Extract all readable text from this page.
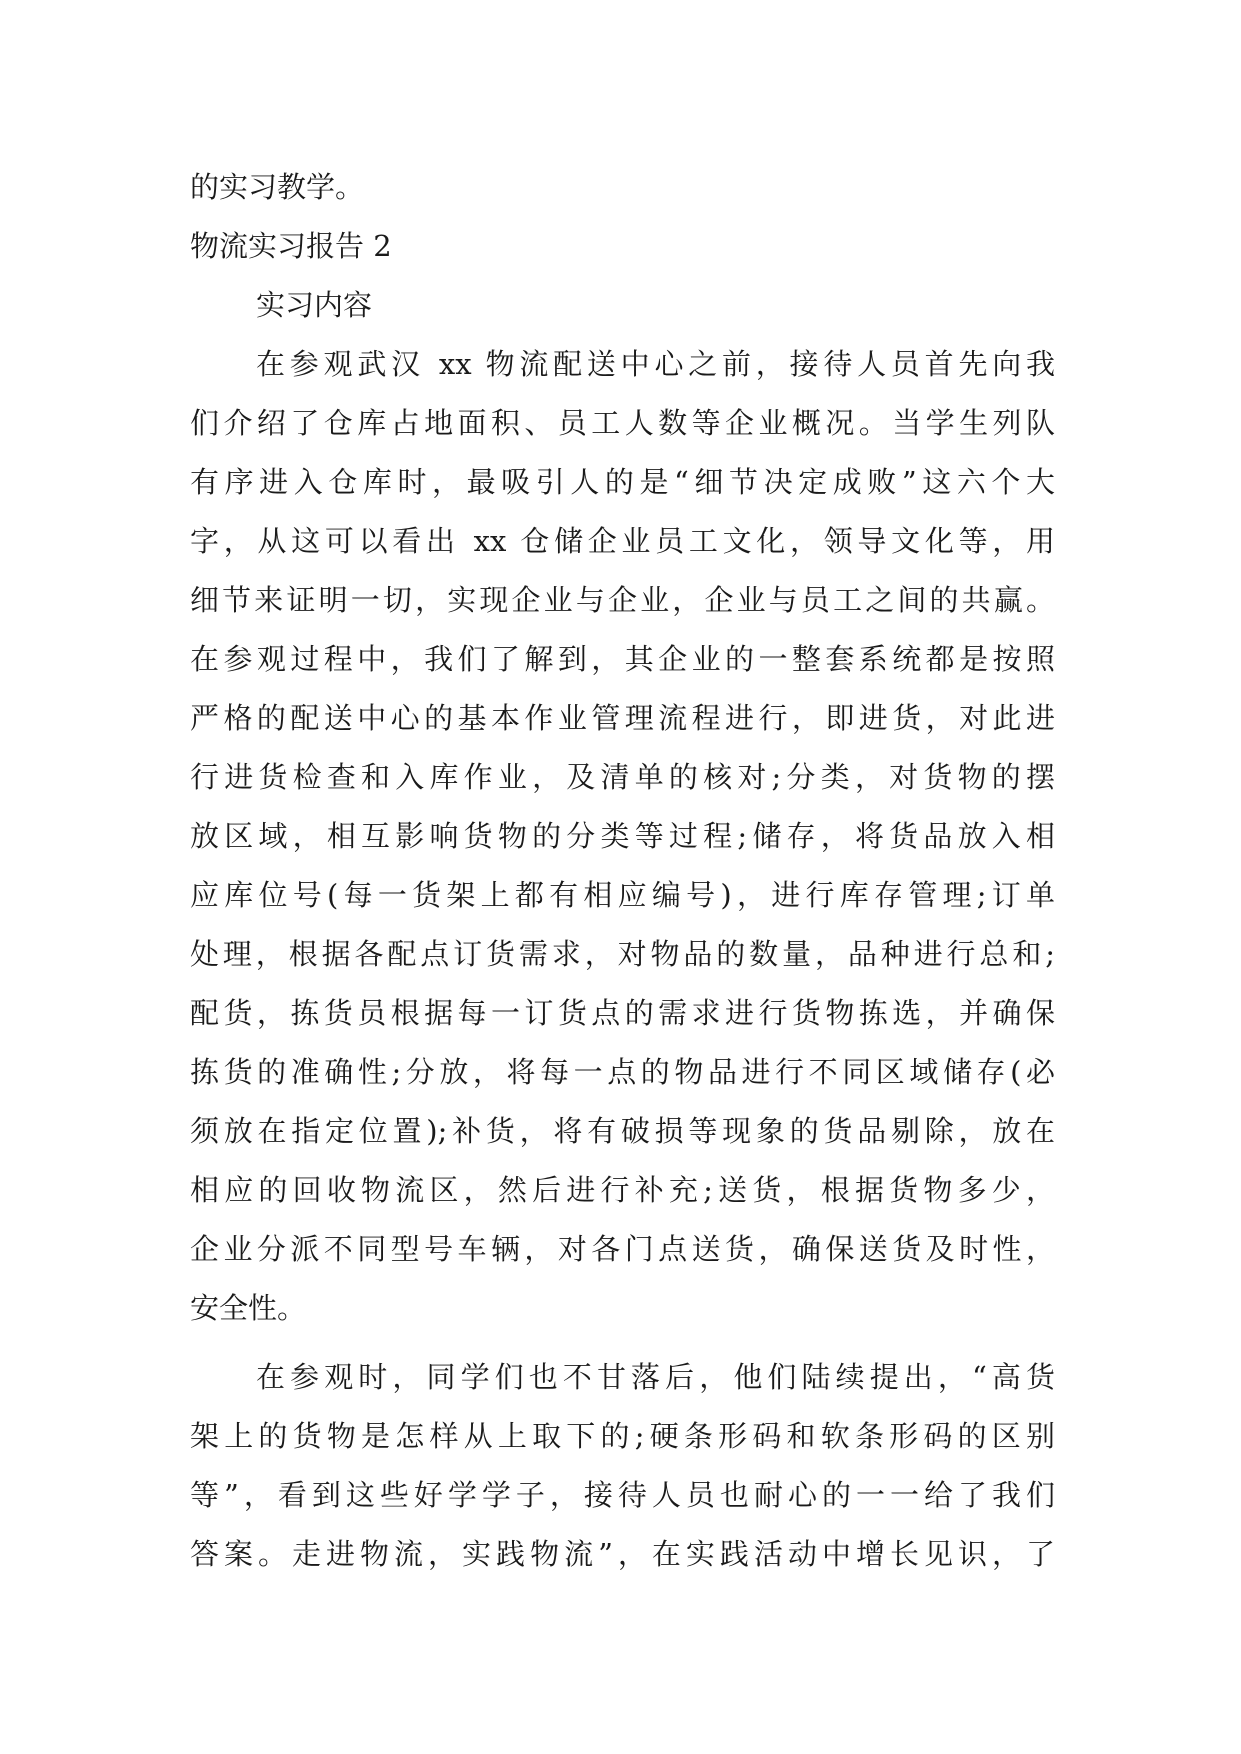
的实习教学。
物流实习报告 2
实习内容
在参观武汉 xx 物流配送中心之前，接待人员首先向我
们介绍了仓库占地面积、员工人数等企业概况。当学生列队
有序进入仓库时，最吸引人的是“细节决定成败”这六个大
字，从这可以看出 xx 仓储企业员工文化，领导文化等，用
细节来证明一切，实现企业与企业，企业与员工之间的共赢。
在参观过程中，我们了解到，其企业的一整套系统都是按照
严格的配送中心的基本作业管理流程进行，即进货，对此进
行进货检查和入库作业，及清单的核对;分类，对货物的摆
放区域，相互影响货物的分类等过程;储存，将货品放入相
应库位号(每一货架上都有相应编号)，进行库存管理;订单
处理，根据各配点订货需求，对物品的数量，品种进行总和;
配货，拣货员根据每一订货点的需求进行货物拣选，并确保
拣货的准确性;分放，将每一点的物品进行不同区域储存(必
须放在指定位置);补货，将有破损等现象的货品剔除，放在
相应的回收物流区，然后进行补充;送货，根据货物多少，
企业分派不同型号车辆，对各门点送货，确保送货及时性，
安全性。
在参观时，同学们也不甘落后，他们陆续提出，“高货
架上的货物是怎样从上取下的;硬条形码和软条形码的区别
等”，看到这些好学学子，接待人员也耐心的一一给了我们
答案。走进物流，实践物流”，在实践活动中增长见识，了
